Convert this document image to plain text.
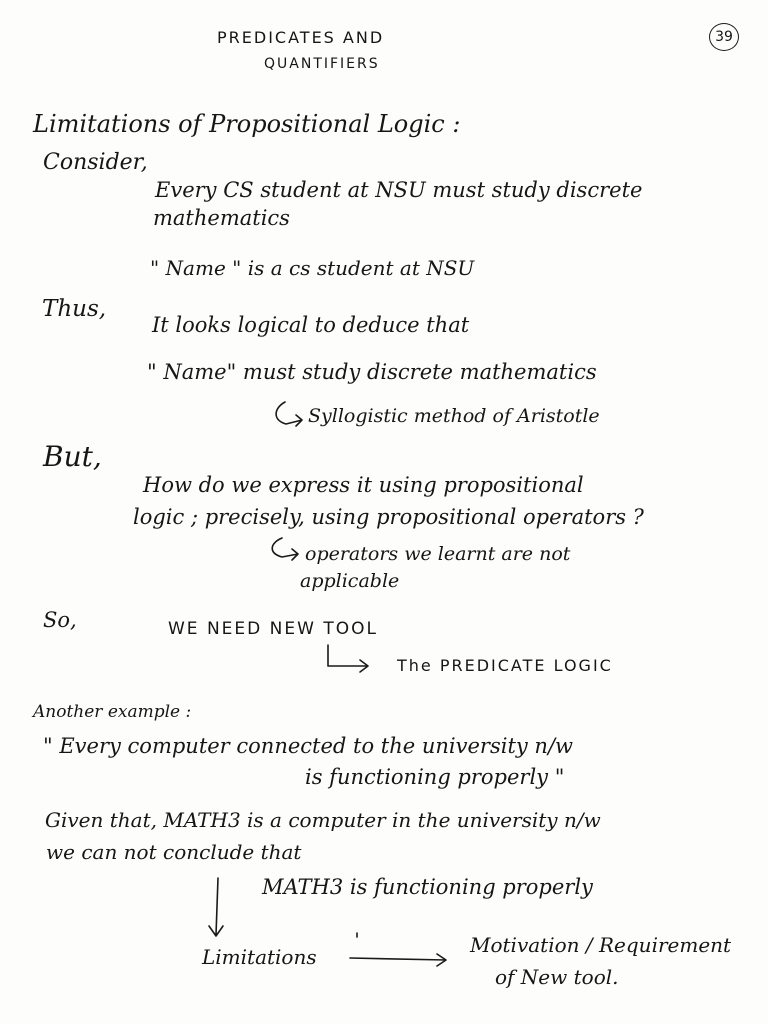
PREDICATES AND
QUANTIFIERS
39
Limitations of Propositional Logic :
Consider,
Every CS student at NSU must study discrete
mathematics
" Name " is a cs student at NSU
Thus,
It looks logical to deduce that
" Name" must study discrete mathematics
Syllogistic method of Aristotle
But,
How do we express it using propositional
logic ; precisely, using propositional operators ?
operators we learnt are not
applicable
So,	WE NEED NEW TOOL
The PREDICATE LOGIC
Another example :
" Every computer connected to the university n/w
is functioning properly "
Given that, MATH3 is a computer in the university n/w
we can not conclude that
MATH3 is functioning properly
Limitations	Motivation / Requirement
of New tool.
